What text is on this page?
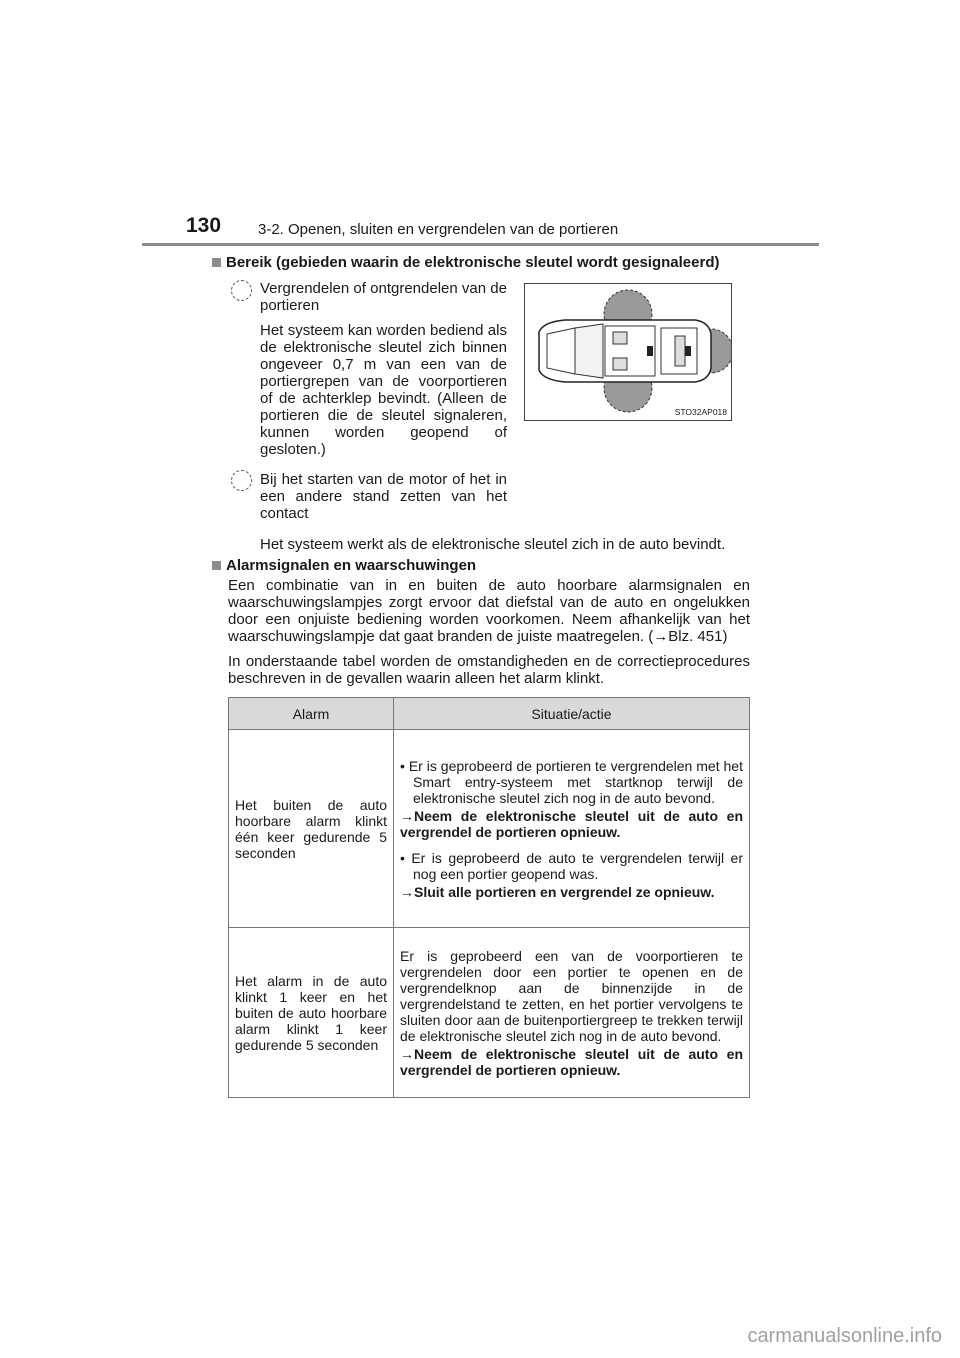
130 3-2. Openen, sluiten en vergrendelen van de portieren
Bereik (gebieden waarin de elektronische sleutel wordt gesignaleerd)
Vergrendelen of ontgrendelen van de portieren
Het systeem kan worden bediend als de elektronische sleutel zich binnen ongeveer 0,7 m van een van de portiergrepen van de voorportieren of de achterklep bevindt. (Alleen de portieren die de sleutel signaleren, kunnen worden geopend of gesloten.)
Bij het starten van de motor of het in een andere stand zetten van het contact
Het systeem werkt als de elektronische sleutel zich in de auto bevindt.
STO32AP018
Alarmsignalen en waarschuwingen
Een combinatie van in en buiten de auto hoorbare alarmsignalen en waarschuwingslampjes zorgt ervoor dat diefstal van de auto en ongelukken door een onjuiste bediening worden voorkomen. Neem afhankelijk van het waarschuwingslampje dat gaat branden de juiste maatregelen. (→Blz. 451)
In onderstaande tabel worden de omstandigheden en de correctieprocedures beschreven in de gevallen waarin alleen het alarm klinkt.
Alarm	Situatie/actie
Het buiten de auto hoorbare alarm klinkt één keer gedurende 5 seconden	• Er is geprobeerd de portieren te vergrendelen met het Smart entry-systeem met startknop terwijl de elektronische sleutel zich nog in de auto bevond.
→Neem de elektronische sleutel uit de auto en vergrendel de portieren opnieuw.
• Er is geprobeerd de auto te vergrendelen terwijl er nog een portier geopend was.
→Sluit alle portieren en vergrendel ze opnieuw.

Het alarm in de auto klinkt 1 keer en het buiten de auto hoorbare alarm klinkt 1 keer gedurende 5 seconden	Er is geprobeerd een van de voorportieren te vergrendelen door een portier te openen en de vergrendelknop aan de binnenzijde in de vergrendelstand te zetten, en het portier vervolgens te sluiten door aan de buitenportiergreep te trekken terwijl de elektronische sleutel zich nog in de auto bevond.
→Neem de elektronische sleutel uit de auto en vergrendel de portieren opnieuw.
carmanualsonline.info
